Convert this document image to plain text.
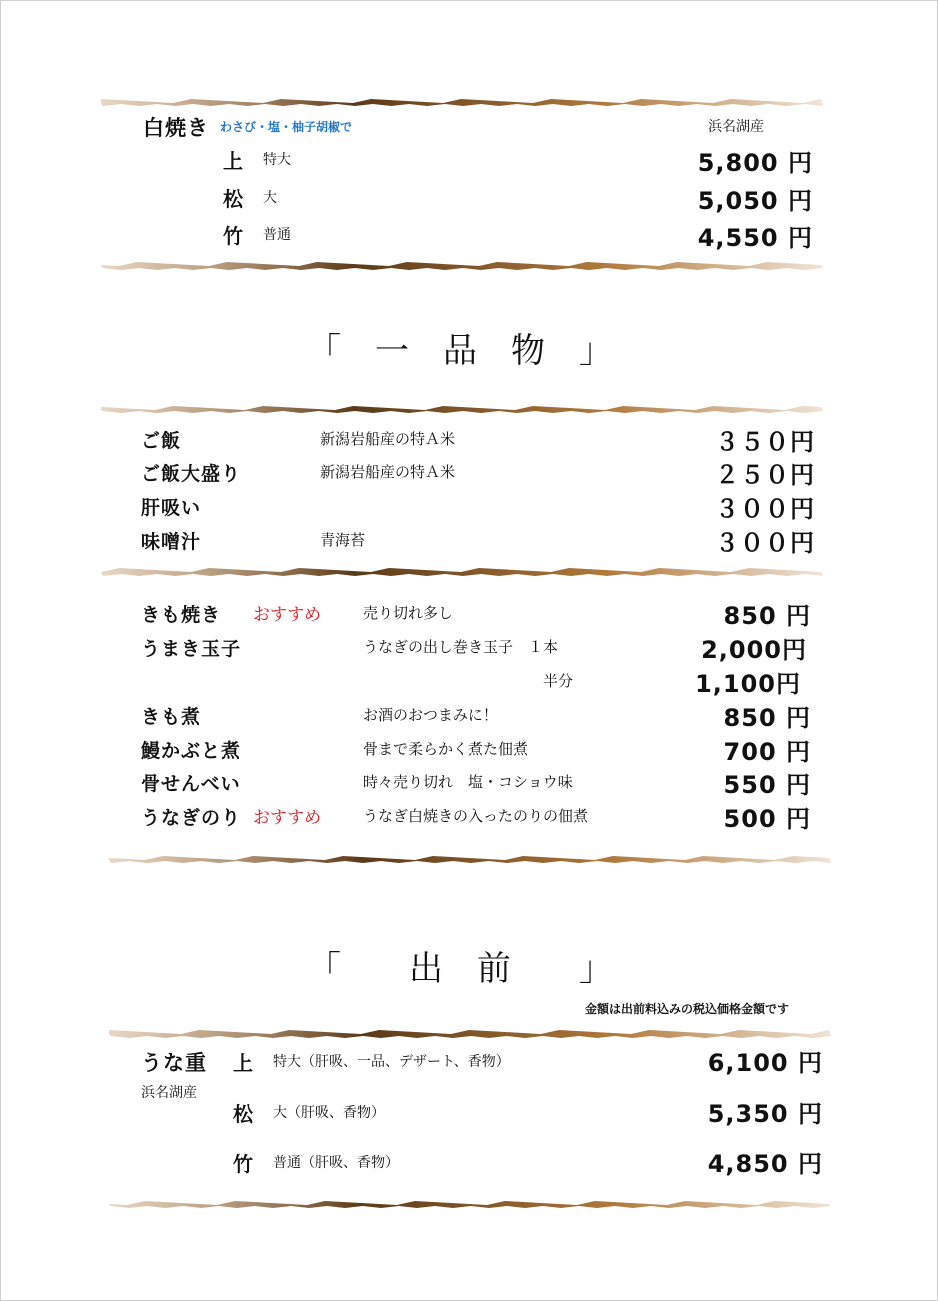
白焼き わさび・塩・柚子胡椒で	浜名湖産
上 特大	5,800 円
松 大	5,050 円
竹 普通	4,550 円
「　一　品　物　」
ご飯	新潟岩船産の特Ａ米	３５０円
ご飯大盛り	新潟岩船産の特Ａ米	２５０円
肝吸い	３００円
味噌汁	青海苔	３００円
きも焼き おすすめ	売り切れ多し	850 円
うまき玉子	うなぎの出し巻き玉子　１本	2,000円
半分	1,100円
きも煮	お酒のおつまみに！	850 円
鰻かぶと煮	骨まで柔らかく煮た佃煮	700 円
骨せんべい	時々売り切れ　塩・コショウ味	550 円
うなぎのり おすすめ	うなぎ白焼きの入ったのりの佃煮	500 円
「　　出　前　　」
金額は出前料込みの税込価格金額です
うな重
浜名湖産
上 特大（肝吸、一品、デザート、香物）	6,100 円
松 大（肝吸、香物）	5,350 円
竹 普通（肝吸、香物）	4,850 円
